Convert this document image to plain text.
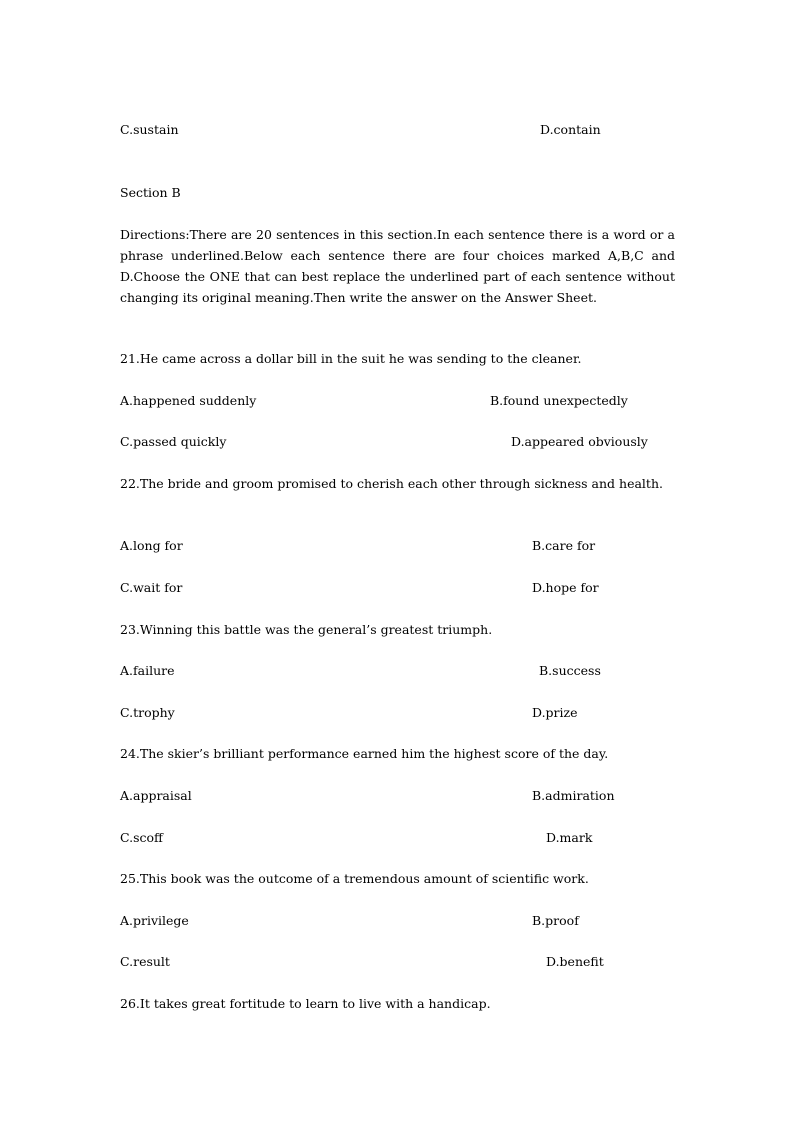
C.sustain	D.contain
Section B
Directions:There are 20 sentences in this section.In each sentence there is a word or a phrase underlined.Below each sentence there are four choices marked A,B,C and D.Choose the ONE that can best replace the underlined part of each sentence without changing its original meaning.Then write the answer on the Answer Sheet.
21.He came across a dollar bill in the suit he was sending to the cleaner.
A.happened suddenly	B.found unexpectedly
C.passed quickly	D.appeared obviously
22.The bride and groom promised to cherish each other through sickness and health.
A.long for	B.care for
C.wait for	D.hope for
23.Winning this battle was the general’s greatest triumph.
A.failure	B.success
C.trophy	D.prize
24.The skier’s brilliant performance earned him the highest score of the day.
A.appraisal	B.admiration
C.scoff	D.mark
25.This book was the outcome of a tremendous amount of scientific work.
A.privilege	B.proof
C.result	D.benefit
26.It takes great fortitude to learn to live with a handicap.
